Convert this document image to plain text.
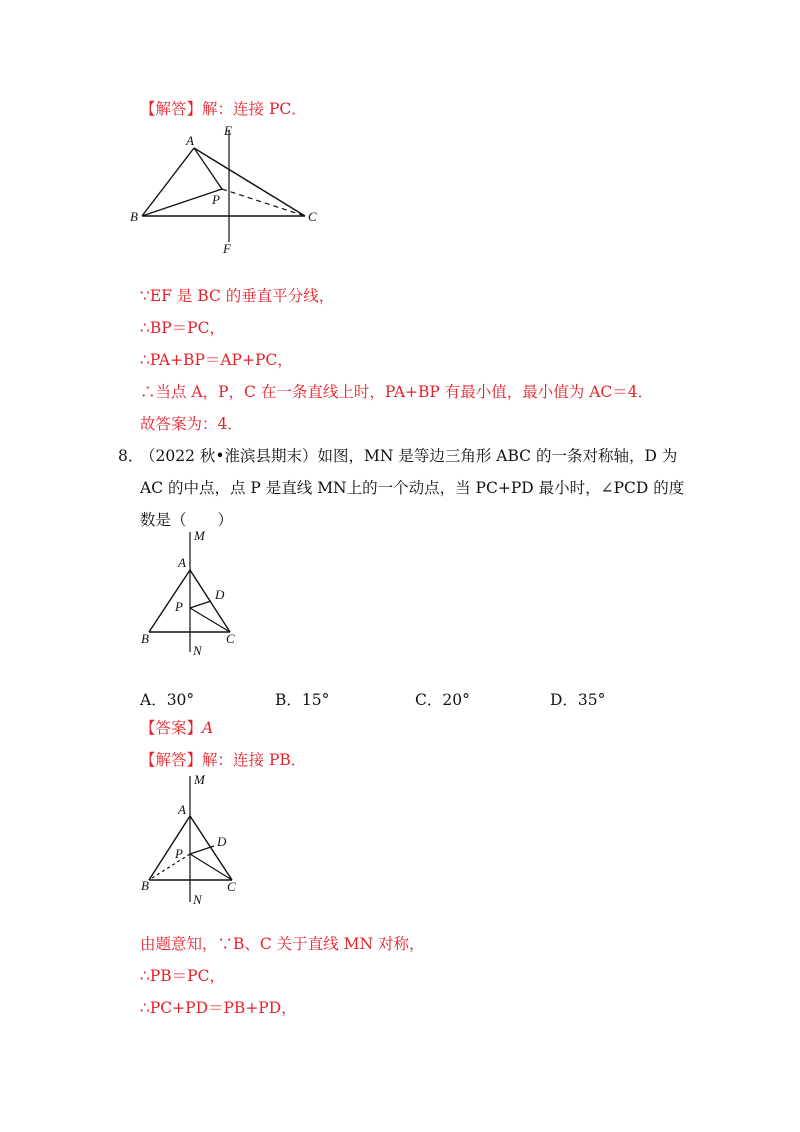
【解答】解：连接 PC．
A
E
P
B	C
F
∵EF 是 BC 的垂直平分线，
∴BP＝PC，
∴PA+BP＝AP+PC，
∴当点 A，P，C 在一条直线上时，PA+BP 有最小值，最小值为 AC＝4．
故答案为：4．
8．
（2022 秋•淮滨县期末）如图，MN 是等边三角形 ABC 的一条对称轴，D 为
AC 的中点，点 P 是直线 MN上的一个动点，当 PC+PD 最小时，∠PCD 的度
数是（　　）
M
A
D
P
B	C
N
A．30°	B．15°	C．20°	D．35°
【答案】A
【解答】解：连接 PB．
M
A
D
P
B	C
N
由题意知，∵B、C 关于直线 MN 对称，
∴PB＝PC，
∴PC+PD＝PB+PD，
